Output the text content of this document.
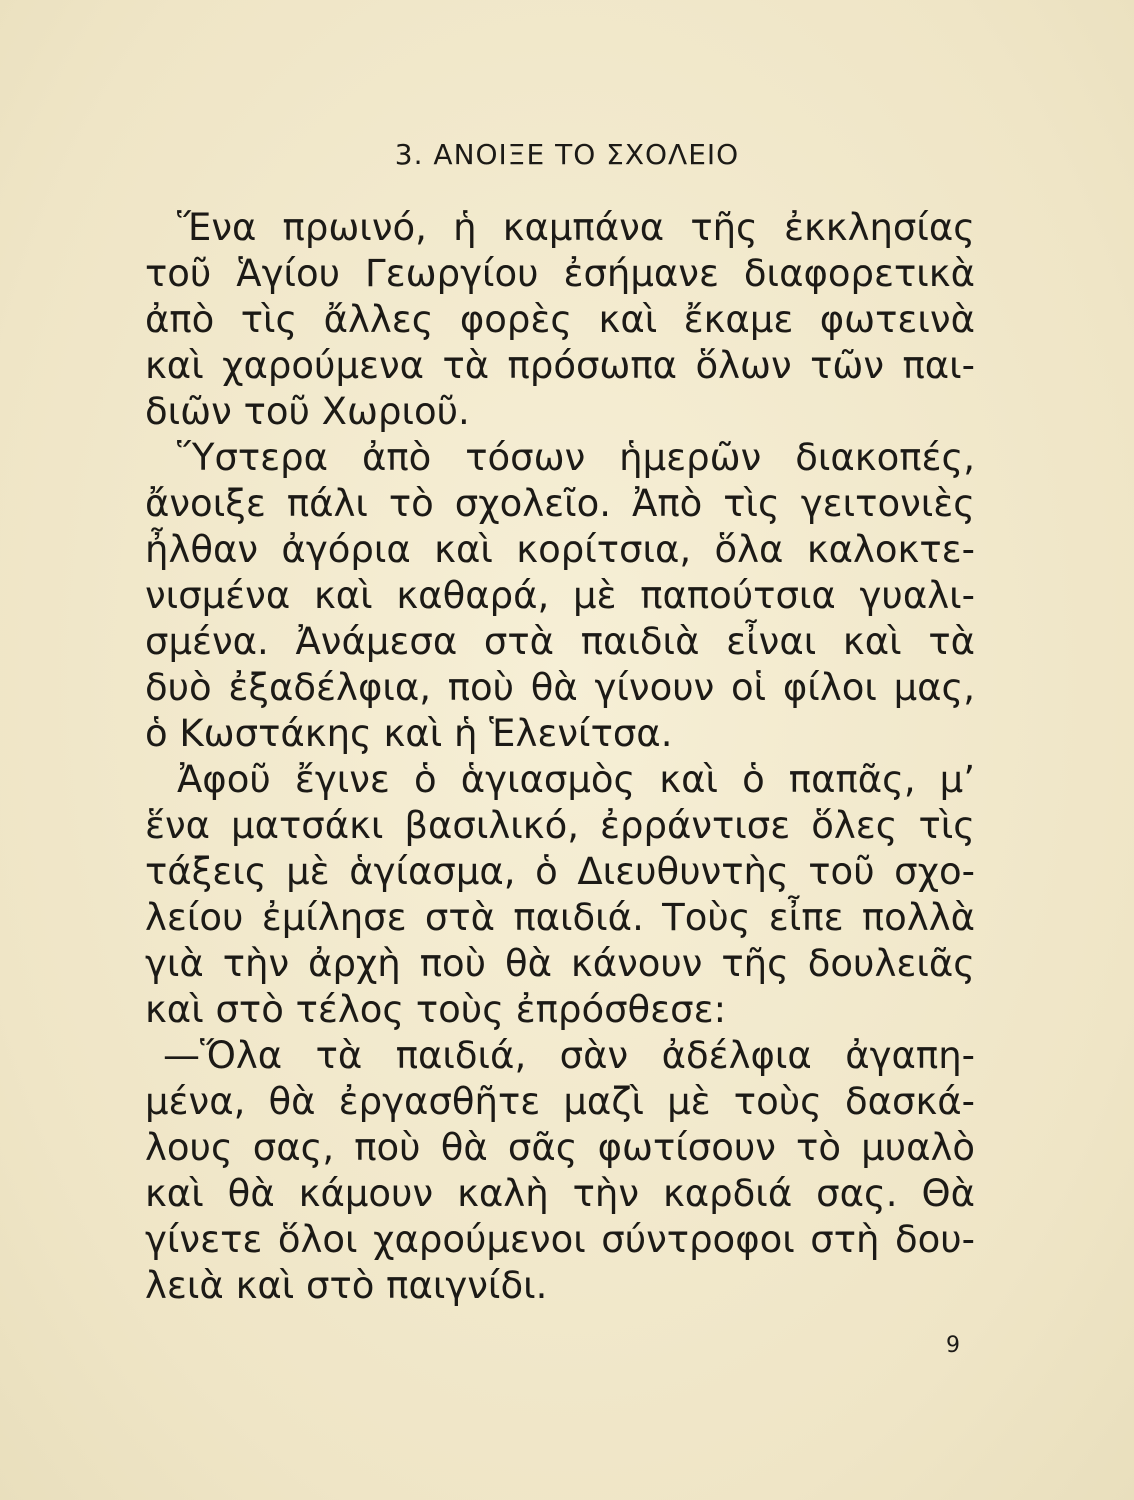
3. ΑΝΟΙΞΕ ΤΟ ΣΧΟΛΕΙΟ
Ἕνα πρωινό, ἡ καμπάνα τῆς ἐκκλησίας
τοῦ Ἁγίου Γεωργίου ἐσήμανε διαφορετικὰ
ἀπὸ τὶς ἄλλες φορὲς καὶ ἔκαμε φωτεινὰ
καὶ χαρούμενα τὰ πρόσωπα ὅλων τῶν παι-
διῶν τοῦ Χωριοῦ.
Ὕστερα ἀπὸ τόσων ἡμερῶν διακοπές,
ἄνοιξε πάλι τὸ σχολεῖο. Ἀπὸ τὶς γειτονιὲς
ἦλθαν ἀγόρια καὶ κορίτσια, ὅλα καλοκτε-
νισμένα καὶ καθαρά, μὲ παπούτσια γυαλι-
σμένα. Ἀνάμεσα στὰ παιδιὰ εἶναι καὶ τὰ
δυὸ ἐξαδέλφια, ποὺ θὰ γίνουν οἱ φίλοι μας,
ὁ Κωστάκης καὶ ἡ Ἑλενίτσα.
Ἀφοῦ ἔγινε ὁ ἁγιασμὸς καὶ ὁ παπᾶς, μ’
ἕνα ματσάκι βασιλικό, ἐρράντισε ὅλες τὶς
τάξεις μὲ ἁγίασμα, ὁ Διευθυντὴς τοῦ σχο-
λείου ἐμίλησε στὰ παιδιά. Τοὺς εἶπε πολλὰ
γιὰ τὴν ἀρχὴ ποὺ θὰ κάνουν τῆς δουλειᾶς
καὶ στὸ τέλος τοὺς ἐπρόσθεσε:
—Ὅλα τὰ παιδιά, σὰν ἀδέλφια ἀγαπη-
μένα, θὰ ἐργασθῆτε μαζὶ μὲ τοὺς δασκά-
λους σας, ποὺ θὰ σᾶς φωτίσουν τὸ μυαλὸ
καὶ θὰ κάμουν καλὴ τὴν καρδιά σας. Θὰ
γίνετε ὅλοι χαρούμενοι σύντροφοι στὴ δου-
λειὰ καὶ στὸ παιγνίδι.
9
